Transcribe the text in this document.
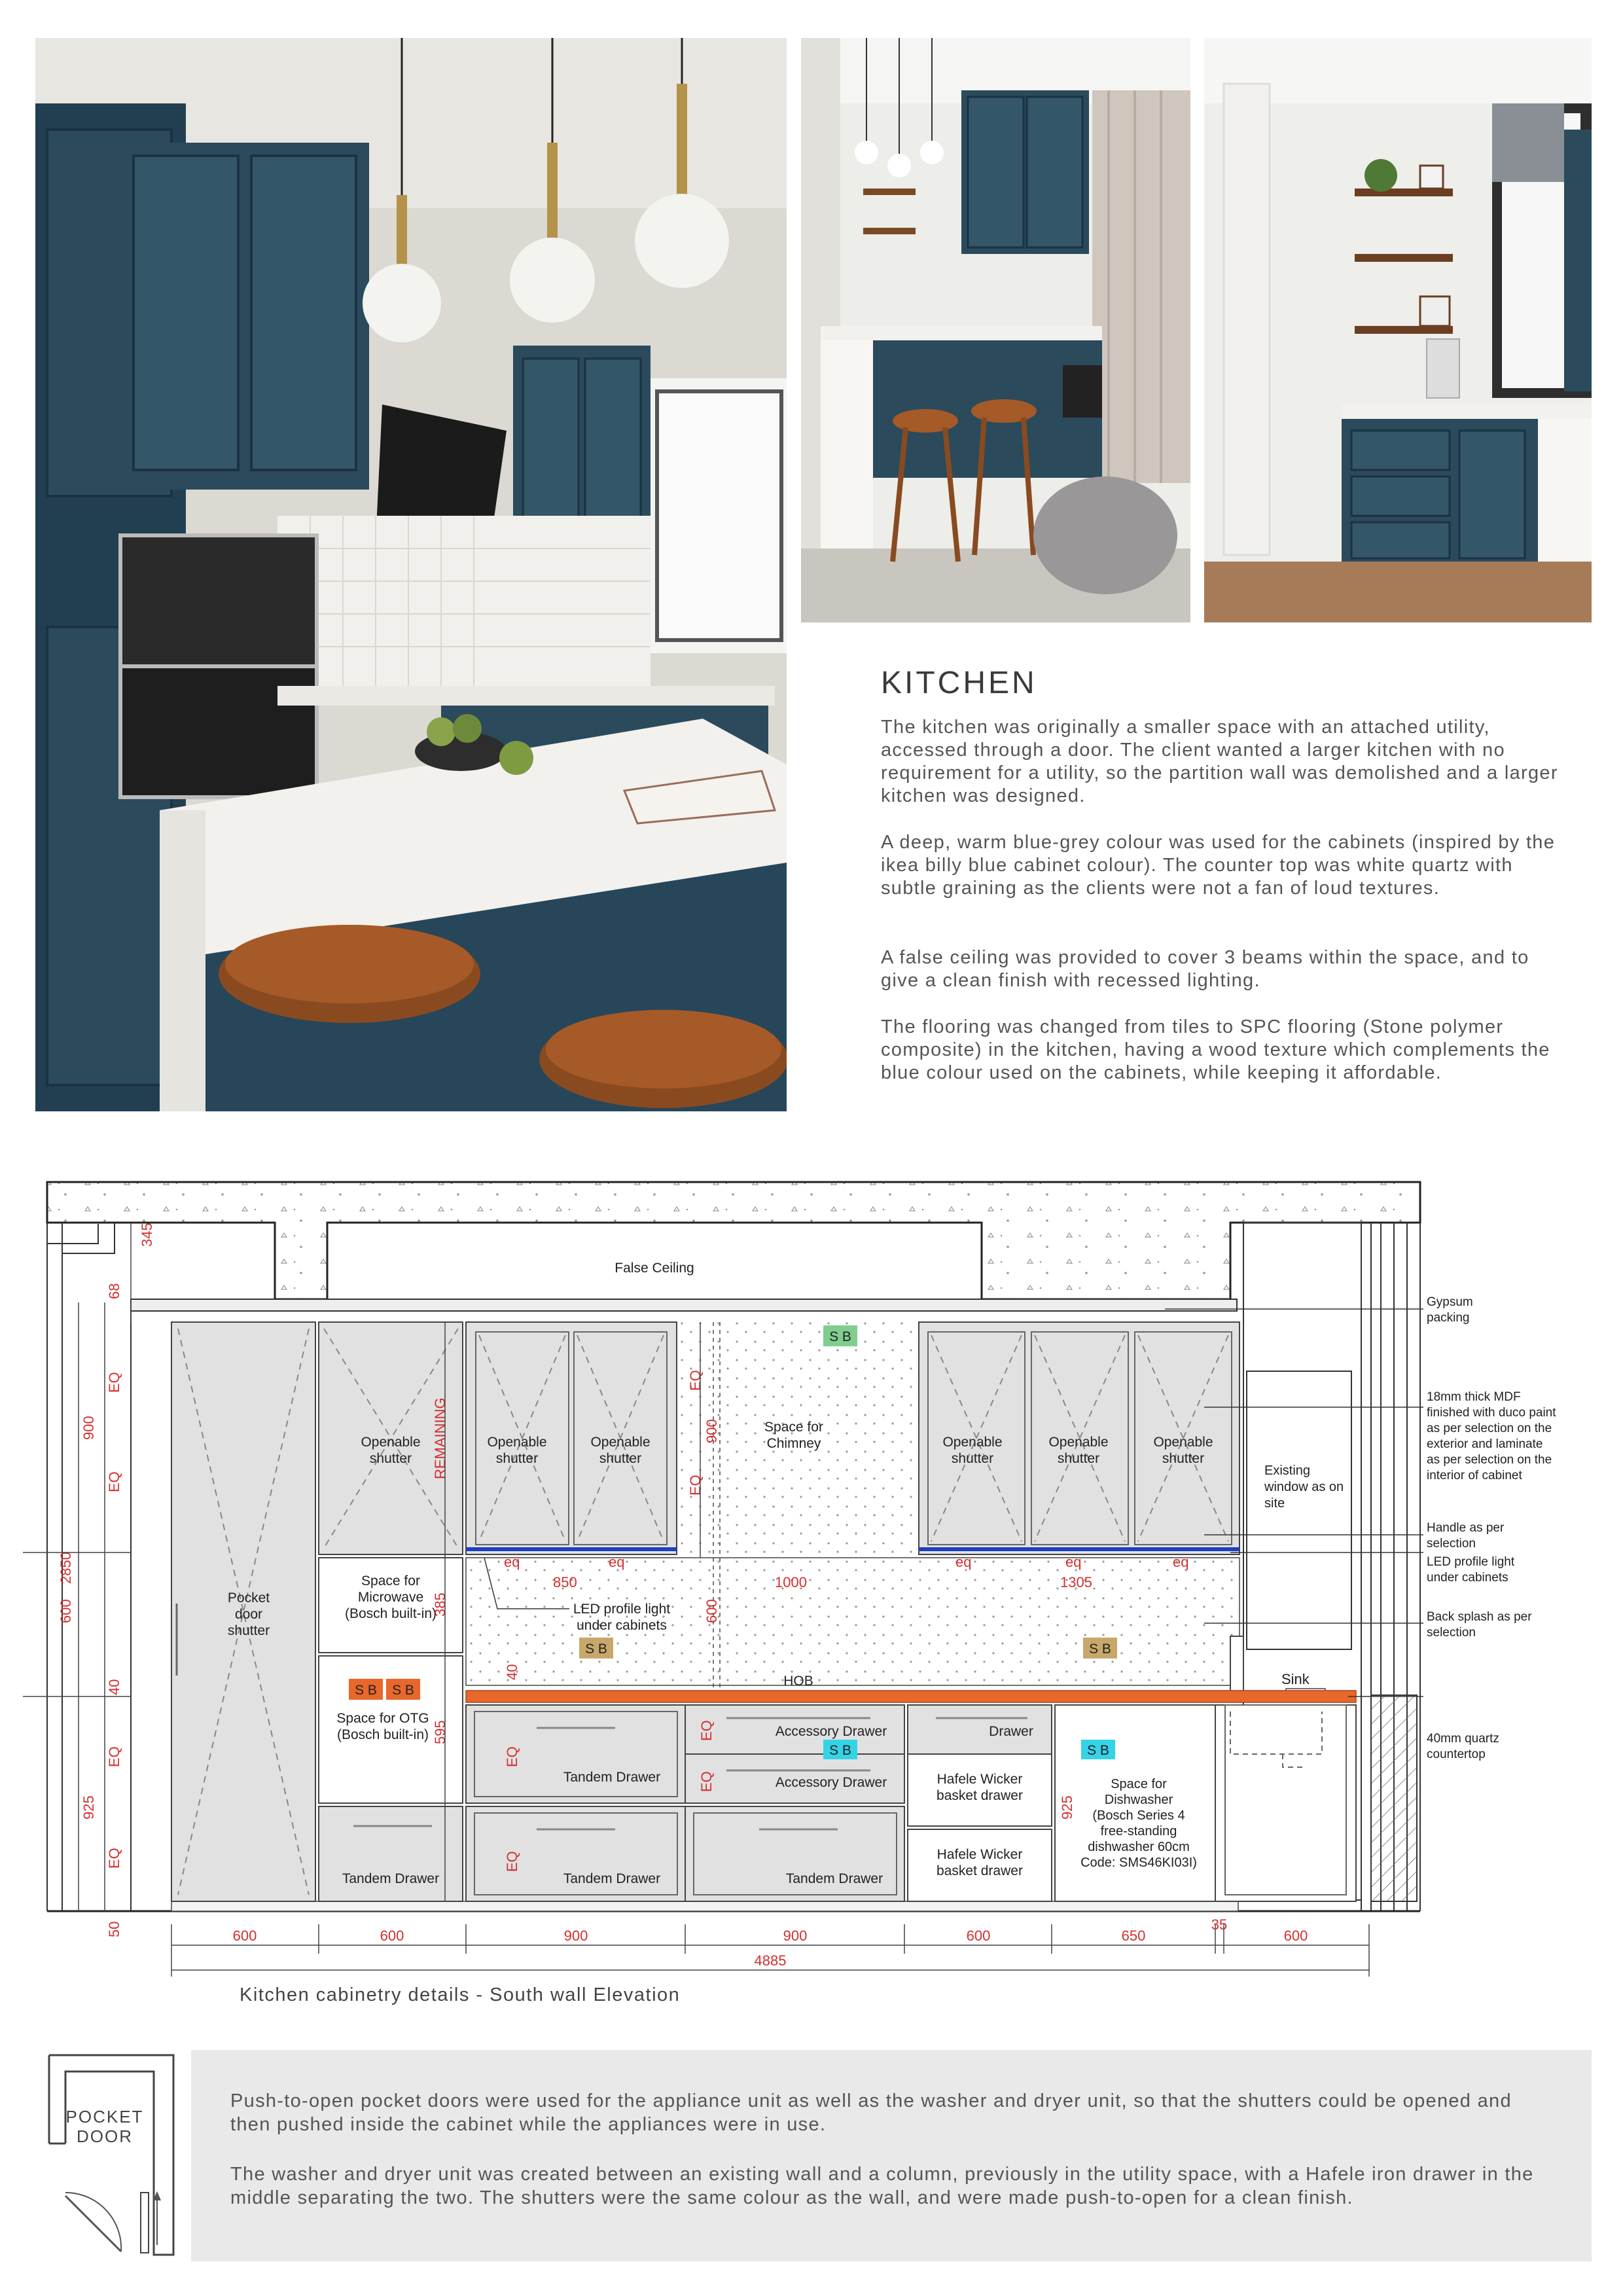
KITCHEN

The kitchen was originally a smaller space with an attached utility, accessed through a door. The client wanted a larger kitchen with no requirement for a utility, so the partition wall was demolished and a larger kitchen was designed.

A deep, warm blue-grey colour was used for the cabinets (inspired by the ikea billy blue cabinet colour). The counter top was white quartz with subtle graining as the clients were not a fan of loud textures.

A false ceiling was provided to cover 3 beams within the space, and to give a clean finish with recessed lighting.

The flooring was changed from tiles to SPC flooring (Stone polymer composite) in the kitchen, having a wood texture which complements the blue colour used on the cabinets, while keeping it affordable.

False Ceiling
Existing
window as on
site
Pocket
door
shutter
Openable
shutter
Space for
Microwave
(Bosch built-in)
S B S B
Space for OTG
(Bosch built-in)
Tandem Drawer
Openable
shutter
Openable
shutter
S B
Space for
Chimney	Openable
shutter
Openable
shutter
Openable
shutter
S B	S B
LED profile light
under cabinets
HOB	Sink
Tandem Drawer
Tandem Drawer
Accessory Drawer
S B
Accessory Drawer
Tandem Drawer
Drawer
Hafele Wicker
basket drawer
Hafele Wicker
basket drawer
S B
Space for
Dishwasher
(Bosch Series 4
free-standing
dishwasher 60cm
Code: SMS46KI03I)
345
68
900
600
40
925
50
2850
385	600
40
595
900
925
EQ
EQ
EQ
EQ
REMAINING
EQ
EQ
EQ
EQ
EQ
EQ
eq	eq	eq	eq	eq
850	1000	1305
600	600	900	900	600	650
35
600
4885
Gypsum
packing
18mm thick MDF
finished with duco paint
as per selection on the
exterior and laminate
as per selection on the
interior of cabinet
Handle as per
selection
LED profile light
under cabinets
Back splash as per
selection
40mm quartz
countertop
Kitchen cabinetry details - South wall Elevation
POCKET
DOOR

Push-to-open pocket doors were used for the appliance unit as well as the washer and dryer unit, so that the shutters could be opened and then pushed inside the cabinet while the appliances were in use.

The washer and dryer unit was created between an existing wall and a column, previously in the utility space, with a Hafele iron drawer in the middle separating the two. The shutters were the same colour as the wall, and were made push-to-open for a clean finish.
